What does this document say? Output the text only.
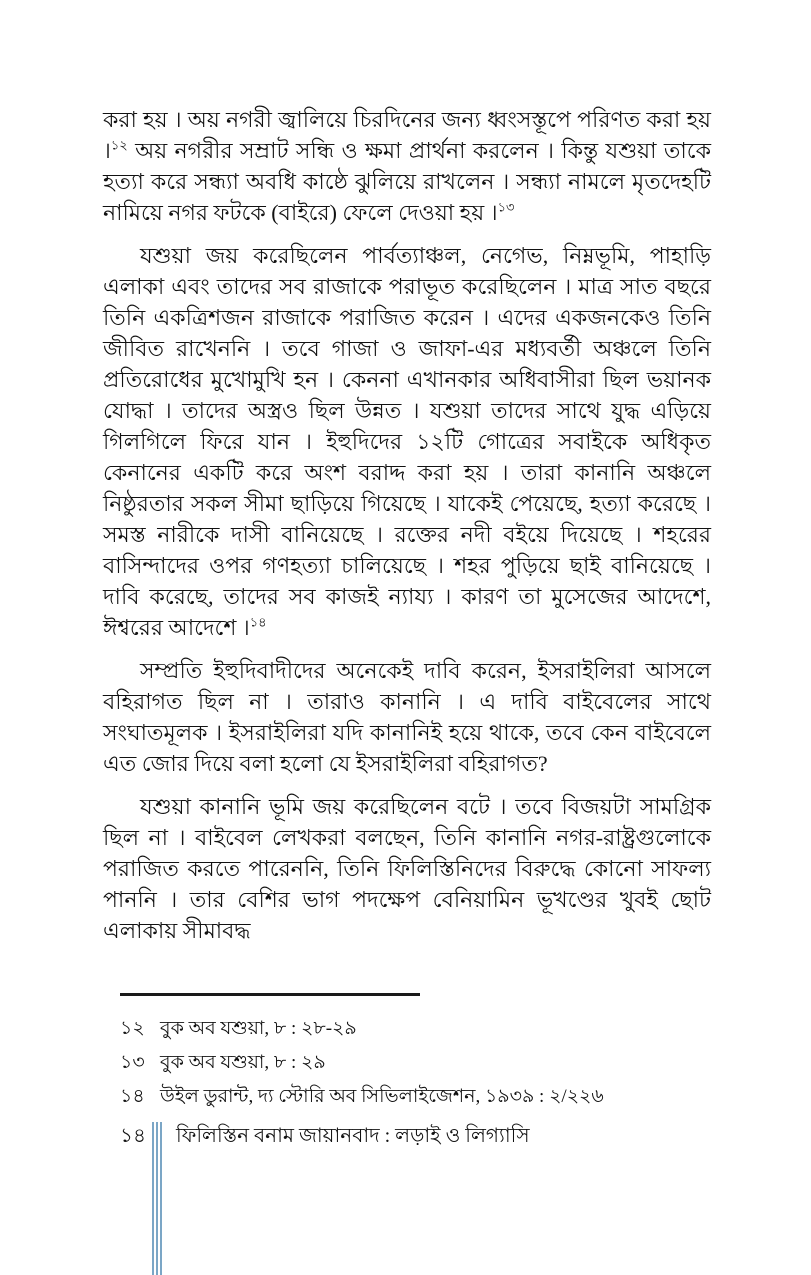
করা হয় । অয় নগরী জ্বালিয়ে চিরদিনের জন্য ধ্বংসস্তূপে পরিণত করা হয় ।$^{১২}$ অয় নগরীর সম্রাট সন্ধি ও ক্ষমা প্রার্থনা করলেন । কিন্তু যশুয়া তাকে হত্যা করে সন্ধ্যা অবধি কাষ্ঠে ঝুলিয়ে রাখলেন । সন্ধ্যা নামলে মৃতদেহটি নামিয়ে নগর ফটকে (বাইরে) ফেলে দেওয়া হয় ।$^{১৩}$

যশুয়া জয় করেছিলেন পার্বত্যাঞ্চল, নেগেভ, নিম্নভূমি, পাহাড়ি এলাকা এবং তাদের সব রাজাকে পরাভূত করেছিলেন । মাত্র সাত বছরে তিনি একত্রিশজন রাজাকে পরাজিত করেন । এদের একজনকেও তিনি জীবিত রাখেননি । তবে গাজা ও জাফা-এর মধ্যবর্তী অঞ্চলে তিনি প্রতিরোধের মুখোমুখি হন । কেননা এখানকার অধিবাসীরা ছিল ভয়ানক যোদ্ধা । তাদের অস্ত্রও ছিল উন্নত । যশুয়া তাদের সাথে যুদ্ধ এড়িয়ে গিলগিলে ফিরে যান । ইহুদিদের ১২টি গোত্রের সবাইকে অধিকৃত কেনানের একটি করে অংশ বরাদ্দ করা হয় । তারা কানানি অঞ্চলে নিষ্ঠুরতার সকল সীমা ছাড়িয়ে গিয়েছে । যাকেই পেয়েছে, হত্যা করেছে । সমস্ত নারীকে দাসী বানিয়েছে । রক্তের নদী বইয়ে দিয়েছে । শহরের বাসিন্দাদের ওপর গণহত্যা চালিয়েছে । শহর পুড়িয়ে ছাই বানিয়েছে । দাবি করেছে, তাদের সব কাজই ন্যায্য । কারণ তা মুসেজের আদেশে, ঈশ্বরের আদেশে ।$^{১৪}$

সম্প্রতি ইহুদিবাদীদের অনেকেই দাবি করেন, ইসরাইলিরা আসলে বহিরাগত ছিল না । তারাও কানানি । এ দাবি বাইবেলের সাথে সংঘাতমূলক । ইসরাইলিরা যদি কানানিই হয়ে থাকে, তবে কেন বাইবেলে এত জোর দিয়ে বলা হলো যে ইসরাইলিরা বহিরাগত?

যশুয়া কানানি ভূমি জয় করেছিলেন বটে । তবে বিজয়টা সামগ্রিক ছিল না । বাইবেল লেখকরা বলছেন, তিনি কানানি নগর-রাষ্ট্রগুলোকে পরাজিত করতে পারেননি, তিনি ফিলিস্তিনিদের বিরুদ্ধে কোনো সাফল্য পাননি । তার বেশির ভাগ পদক্ষেপ বেনিয়ামিন ভূখণ্ডের খুবই ছোট এলাকায় সীমাবদ্ধ

১২ বুক অব যশুয়া, ৮ : ২৮-২৯
১৩ বুক অব যশুয়া, ৮ : ২৯
১৪ উইল ডুরান্ট, দ্য স্টোরি অব সিভিলাইজেশন, ১৯৩৯ : ২/২২৬
১৪ ফিলিস্তিন বনাম জায়ানবাদ : লড়াই ও লিগ্যাসি
